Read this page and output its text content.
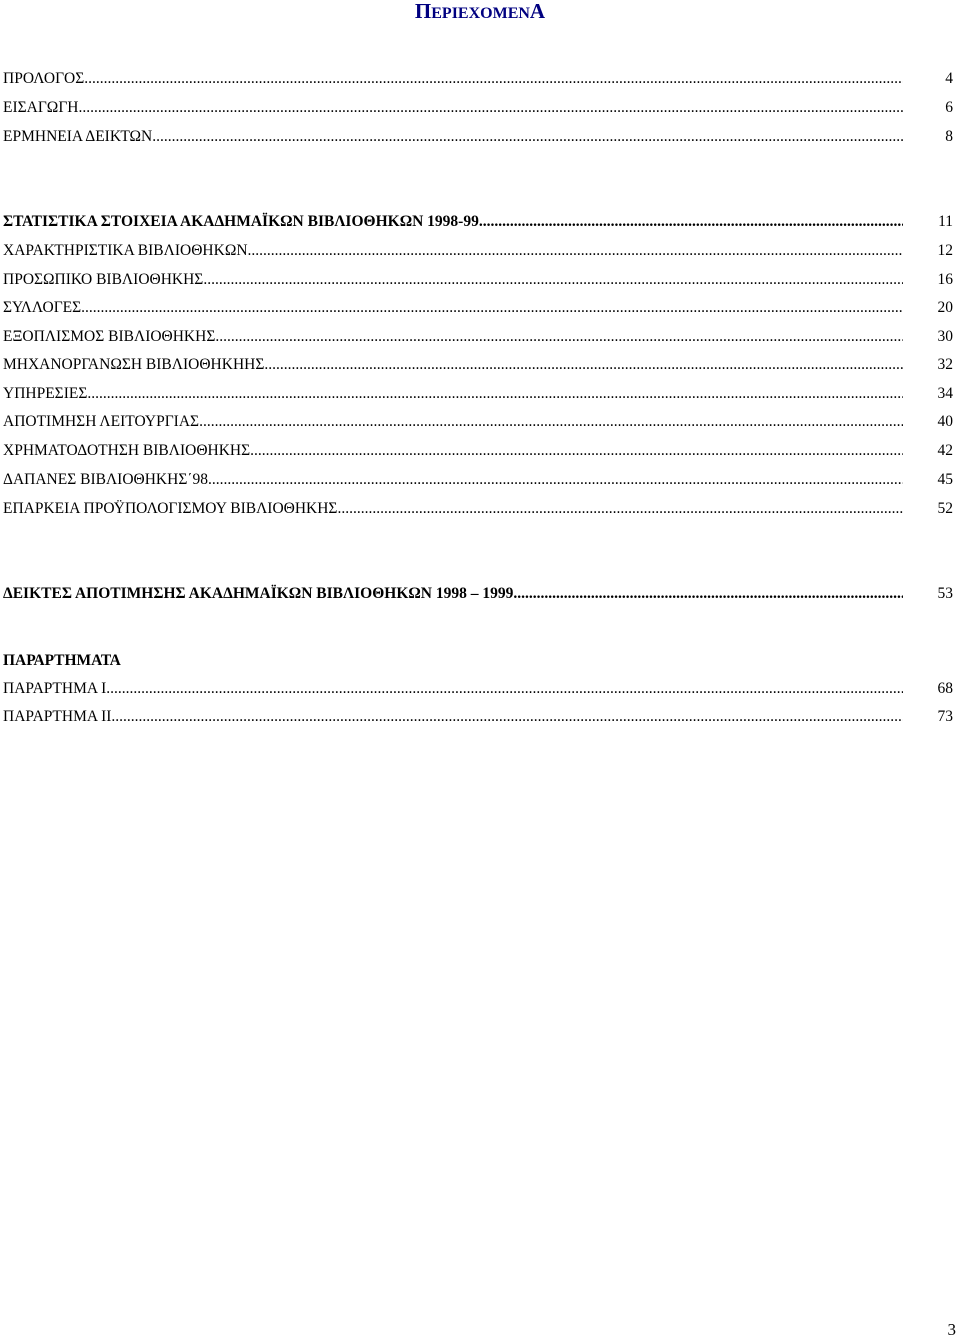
ΠΕΡΙΕΧΟΜΕΝΑ
ΠΡΟΛΟΓΟΣ .....	4
ΕΙΣΑΓΩΓΗ .....	6
ΕΡΜΗΝΕΙΑ ΔΕΙΚΤΩΝ .....	8
ΣΤΑΤΙΣΤΙΚΑ ΣΤΟΙΧΕΙΑ ΑΚΑΔΗΜΑΪΚΩΝ ΒΙΒΛΙΟΘΗΚΩΝ 1998-99 .....	11
ΧΑΡΑΚΤΗΡΙΣΤΙΚΑ ΒΙΒΛΙΟΘΗΚΩΝ .....	12
ΠΡΟΣΩΠΙΚΟ ΒΙΒΛΙΟΘΗΚΗΣ .....	16
ΣΥΛΛΟΓΕΣ .....	20
ΕΞΟΠΛΙΣΜΟΣ ΒΙΒΛΙΟΘΗΚΗΣ .....	30
ΜΗΧΑΝΟΡΓΑΝΩΣΗ ΒΙΒΛΙΟΘΗΚΗΗΣ .....	32
ΥΠΗΡΕΣΙΕΣ .....	34
ΑΠΟΤΙΜΗΣΗ ΛΕΙΤΟΥΡΓΙΑΣ .....	40
ΧΡΗΜΑΤΟΔΟΤΗΣΗ ΒΙΒΛΙΟΘΗΚΗΣ .....	42
ΔΑΠΑΝΕΣ ΒΙΒΛΙΟΘΗΚΗΣ΄98 .....	45
ΕΠΑΡΚΕΙΑ ΠΡΟΫΠΟΛΟΓΙΣΜΟΥ ΒΙΒΛΙΟΘΗΚΗΣ .....	52
ΔΕΙΚΤΕΣ ΑΠΟΤΙΜΗΣΗΣ ΑΚΑΔΗΜΑΪΚΩΝ ΒΙΒΛΙΟΘΗΚΩΝ 1998 – 1999 .....	53
ΠΑΡΑΡΤΗΜΑΤΑ
ΠΑΡΑΡΤΗΜΑ Ι .....	68
ΠΑΡΑΡΤΗΜΑ ΙΙ .....	73
3
